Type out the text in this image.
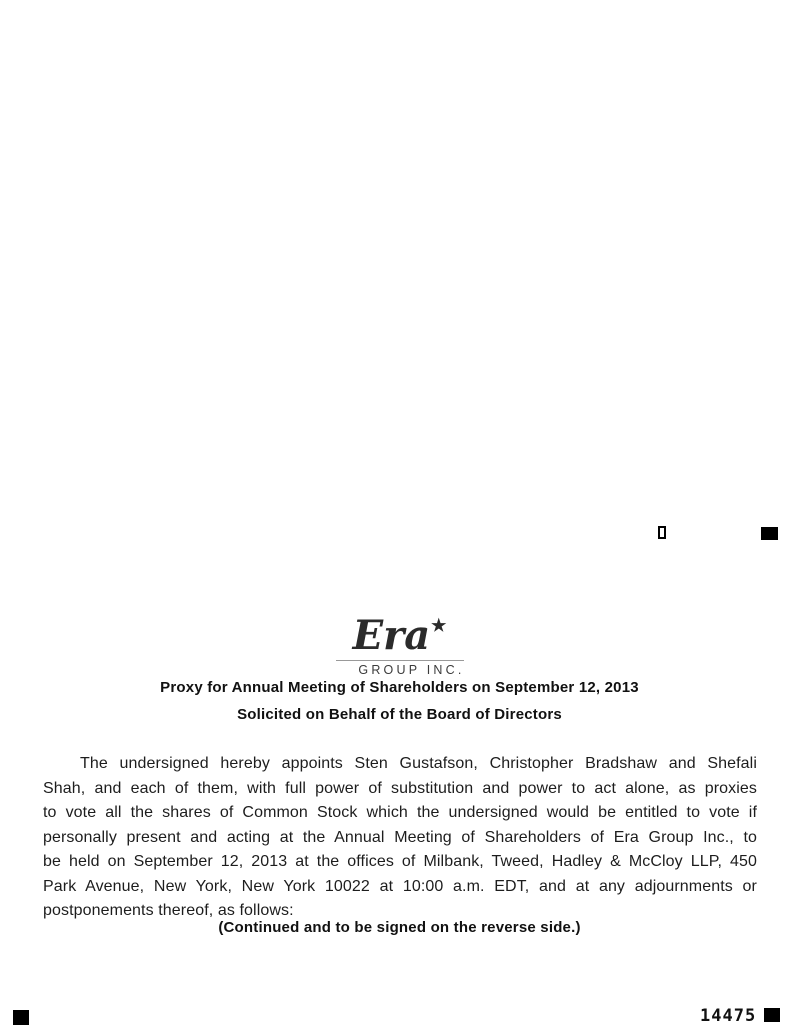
Era★
GROUP INC.
Proxy for Annual Meeting of Shareholders on September 12, 2013
Solicited on Behalf of the Board of Directors
The undersigned hereby appoints Sten Gustafson, Christopher Bradshaw and Shefali
Shah, and each of them, with full power of substitution and power to act alone, as proxies
to vote all the shares of Common Stock which the undersigned would be entitled to vote if
personally present and acting at the Annual Meeting of Shareholders of Era Group Inc., to
be held on September 12, 2013 at the offices of Milbank, Tweed, Hadley & McCloy LLP, 450
Park Avenue, New York, New York 10022 at 10:00 a.m. EDT, and at any adjournments or
postponements thereof, as follows:
(Continued and to be signed on the reverse side.)
14475
